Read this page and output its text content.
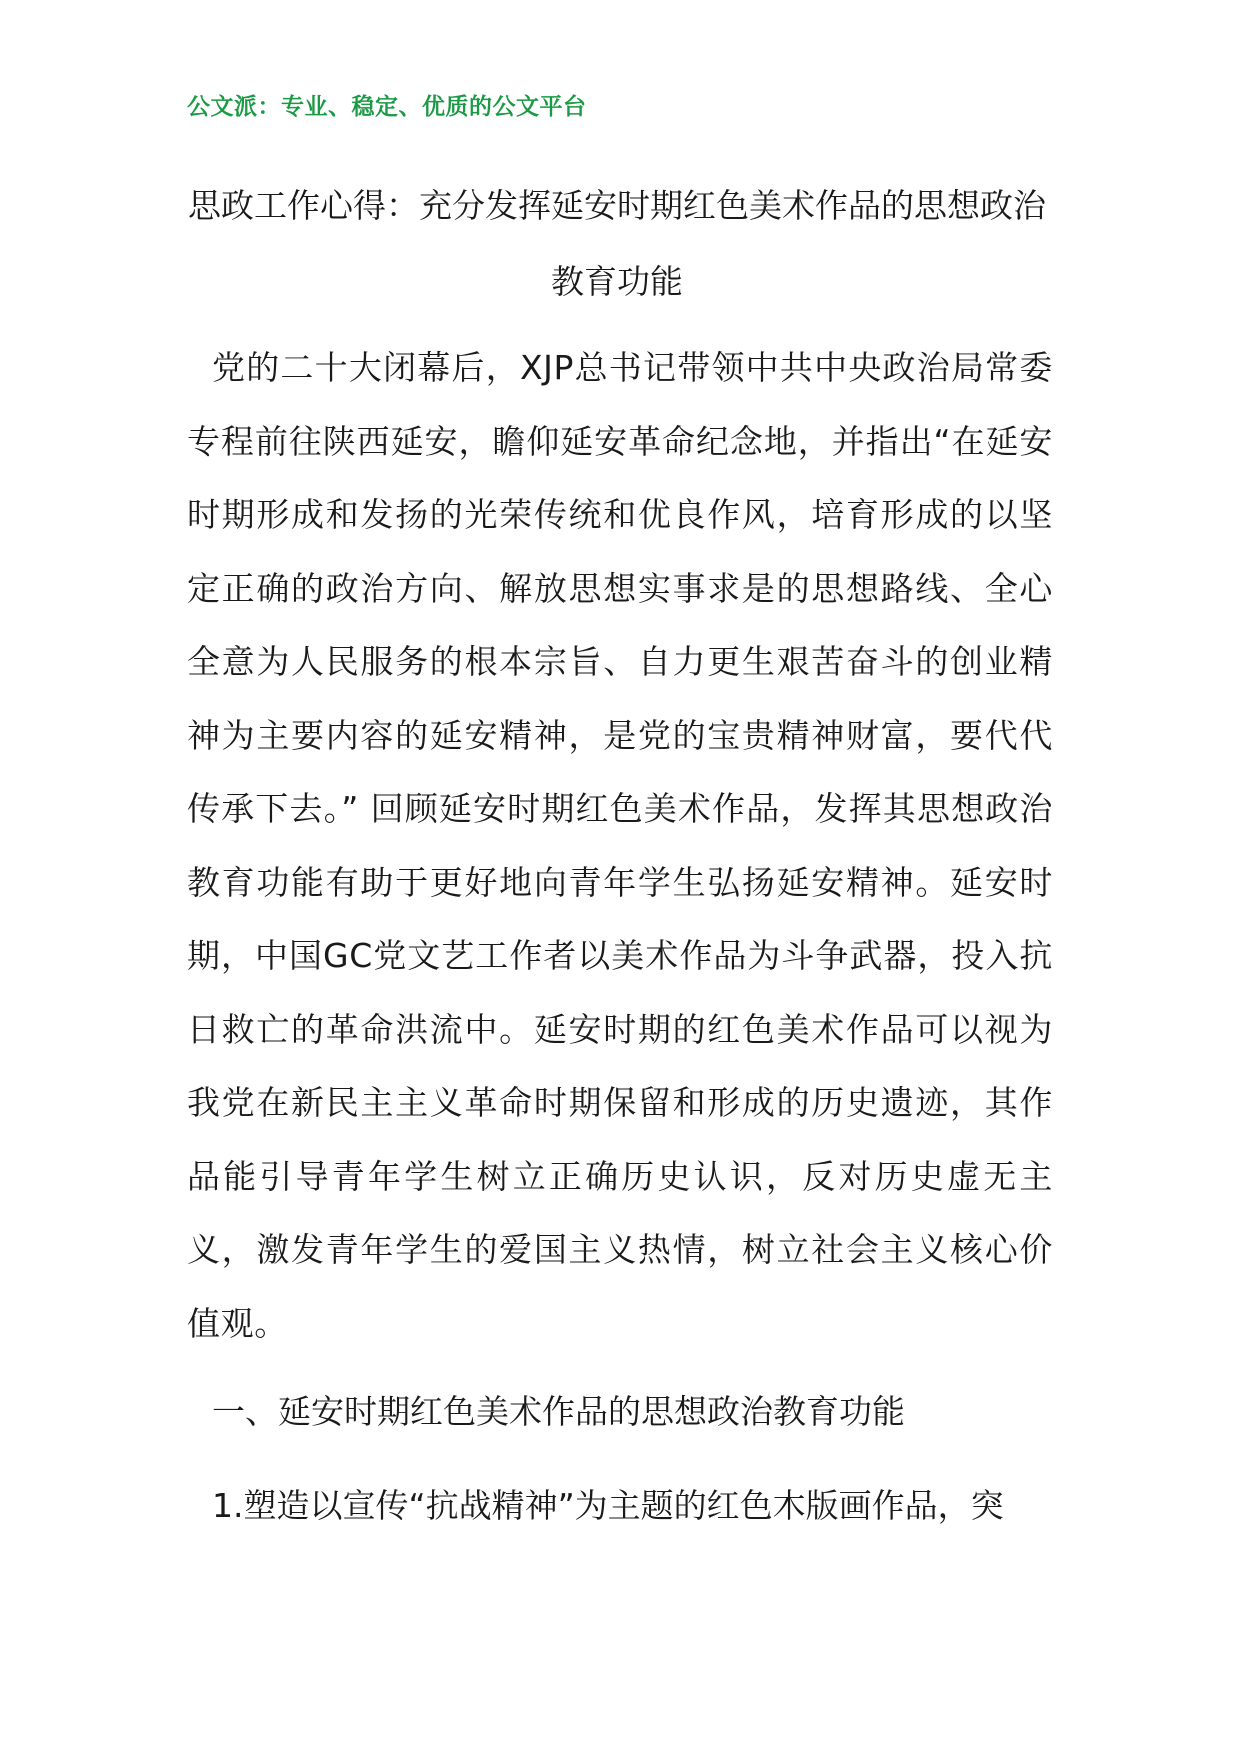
公文派：专业、稳定、优质的公文平台
思政工作心得：充分发挥延安时期红色美术作品的思想政治教育功能

党的二十大闭幕后，XJP总书记带领中共中央政治局常委专程前往陕西延安，瞻仰延安革命纪念地，并指出“在延安时期形成和发扬的光荣传统和优良作风，培育形成的以坚定正确的政治方向、解放思想实事求是的思想路线、全心全意为人民服务的根本宗旨、自力更生艰苦奋斗的创业精神为主要内容的延安精神，是党的宝贵精神财富，要代代传承下去。” 回顾延安时期红色美术作品，发挥其思想政治教育功能有助于更好地向青年学生弘扬延安精神。延安时期，中国GC党文艺工作者以美术作品为斗争武器，投入抗日救亡的革命洪流中。延安时期的红色美术作品可以视为我党在新民主主义革命时期保留和形成的历史遗迹，其作品能引导青年学生树立正确历史认识，反对历史虚无主义，激发青年学生的爱国主义热情，树立社会主义核心价值观。

一、延安时期红色美术作品的思想政治教育功能

1.塑造以宣传“抗战精神”为主题的红色木版画作品，突
